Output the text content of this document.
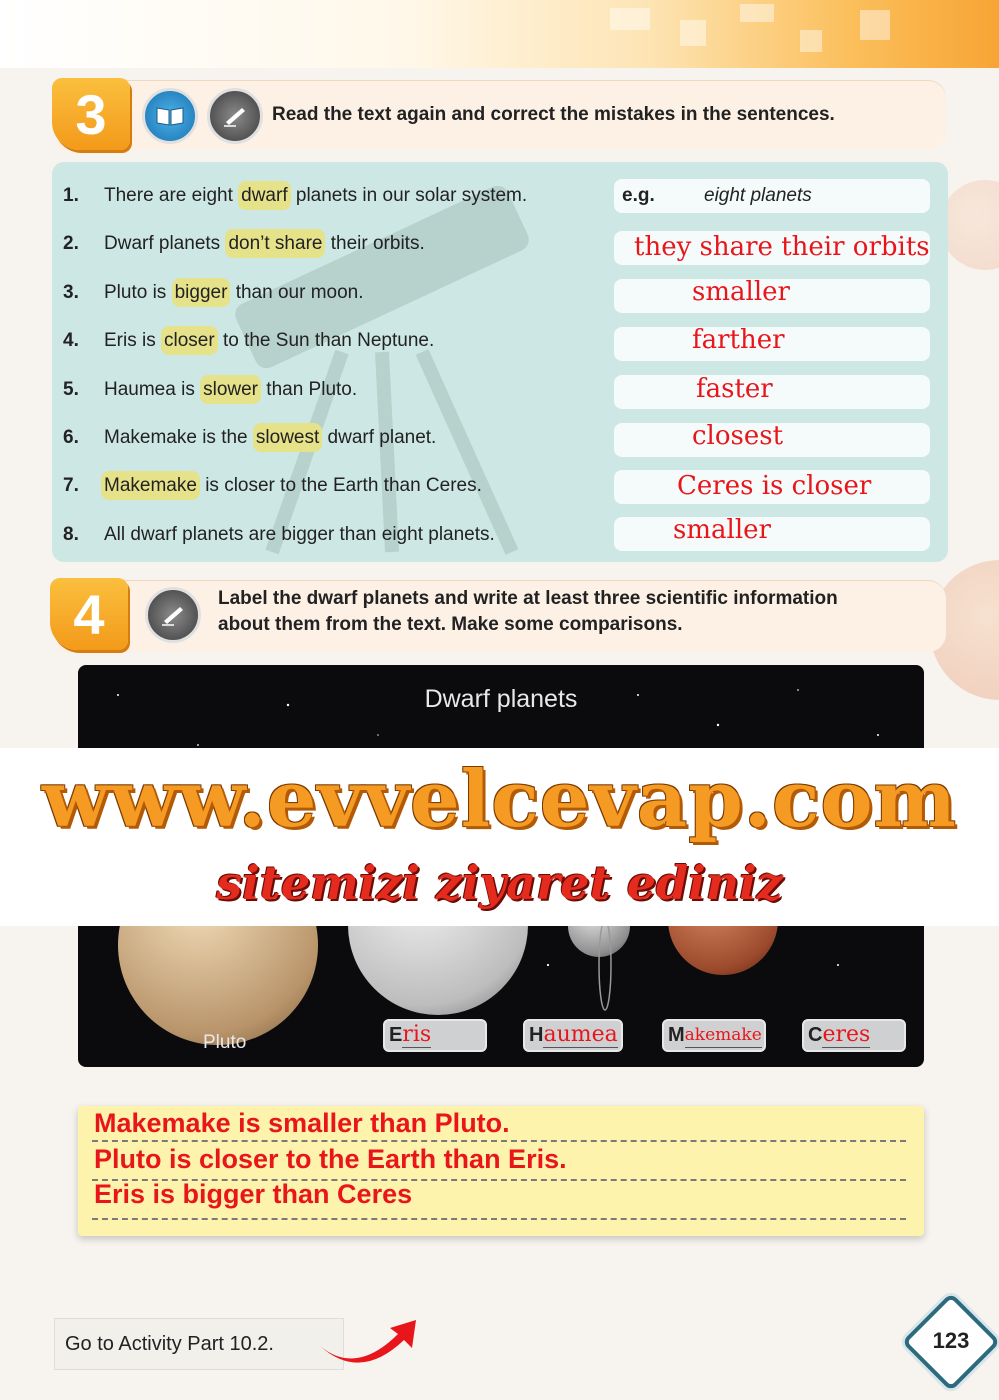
3	Read the text again and correct the mistakes in the sentences.
1.	There are eight dwarf planets in our solar system.	e.g.	eight planets
2.	Dwarf planets don’t share their orbits.	they share their orbits
3.	Pluto is bigger than our moon.	smaller
4.	Eris is closer to the Sun than Neptune.	farther
5.	Haumea is slower than Pluto.	faster
6.	Makemake is the slowest dwarf planet.	closest
7.	Makemake is closer to the Earth than Ceres.	Ceres is closer
8.	All dwarf planets are bigger than eight planets.	smaller
4	Label the dwarf planets and write at least three scientific information
about them from the text. Make some comparisons.
Dwarf planets
Pluto	E ris	H aumea	M akemake C eres
www.evvelcevap.com
sitemizi ziyaret ediniz
Makemake is smaller than Pluto.
Pluto is closer to the Earth than Eris.
Eris is bigger than Ceres
Go to Activity Part 10.2.	123
